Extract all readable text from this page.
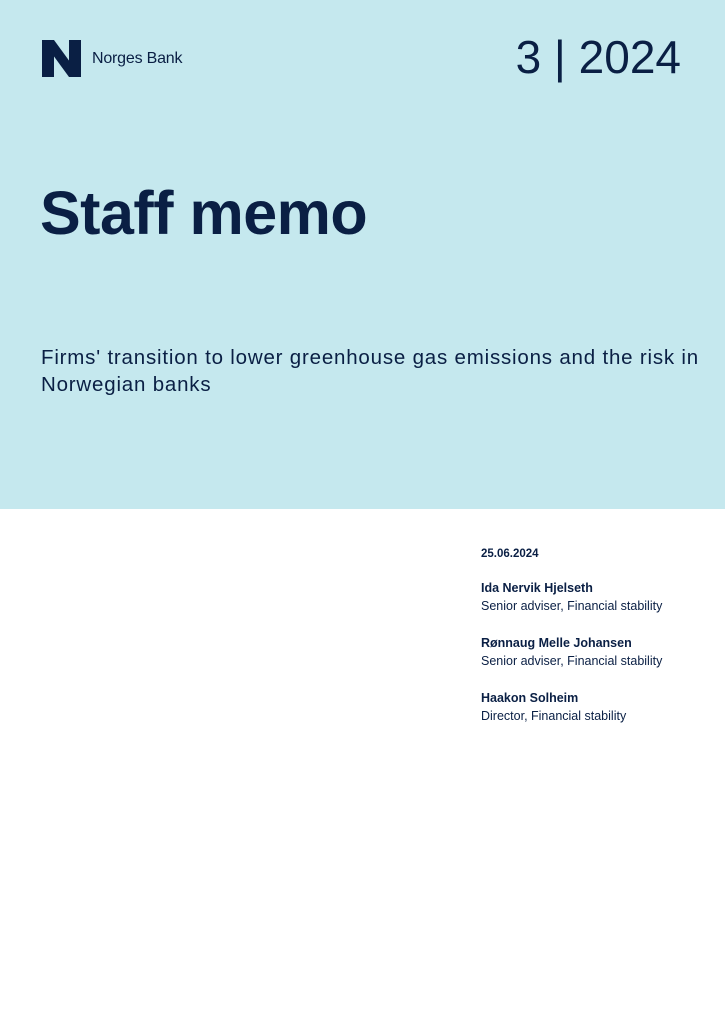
Norges Bank	3 | 2024
Staff memo

Firms' transition to lower greenhouse gas emissions and the risk in Norwegian banks

25.06.2024
Ida Nervik Hjelseth
Senior adviser, Financial stability
Rønnaug Melle Johansen
Senior adviser, Financial stability
Haakon Solheim
Director, Financial stability
